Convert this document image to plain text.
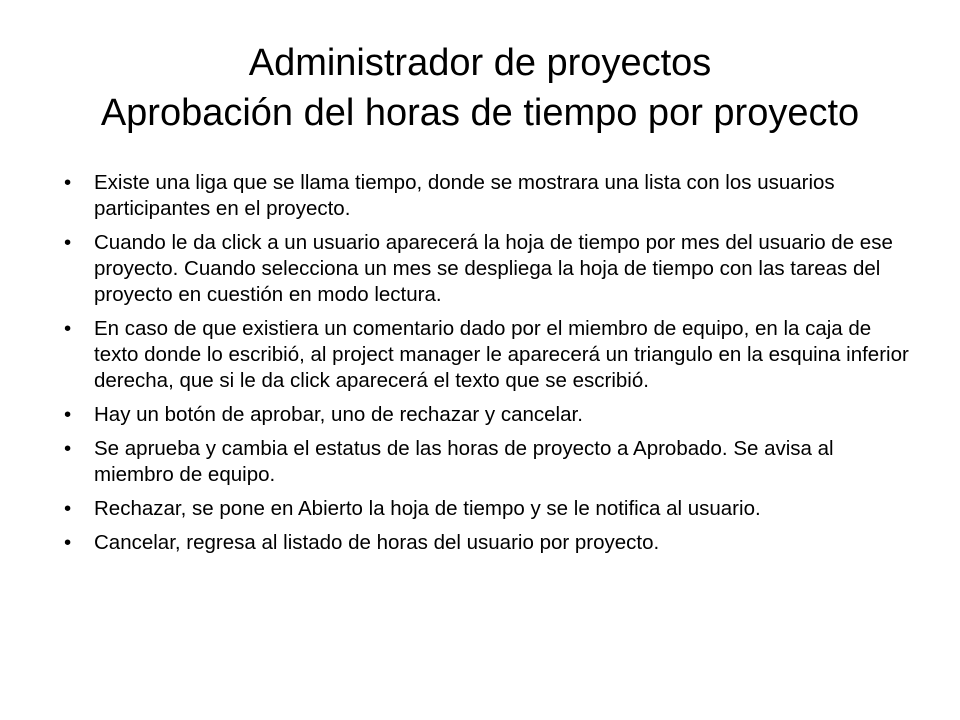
Administrador de proyectos
Aprobación del horas de tiempo por proyecto
•	Existe una liga que se llama tiempo, donde se mostrara una lista con los usuarios participantes en el proyecto.
•	Cuando le da click a un usuario aparecerá la hoja de tiempo por mes del usuario de ese proyecto. Cuando selecciona un mes se despliega la hoja de tiempo con las tareas del proyecto en cuestión en modo lectura.
•	En caso de que existiera un comentario dado por el miembro de equipo, en la caja de texto donde lo escribió, al project manager le aparecerá un triangulo en la esquina inferior derecha, que si le da click aparecerá el texto que se escribió.
•	Hay un botón de aprobar, uno de rechazar y cancelar.
•	Se aprueba y cambia el estatus de las horas de proyecto a Aprobado. Se avisa al miembro de equipo.
•	Rechazar, se pone en Abierto la hoja de tiempo y se le notifica al usuario.
•	Cancelar, regresa al listado de horas del usuario por proyecto.
